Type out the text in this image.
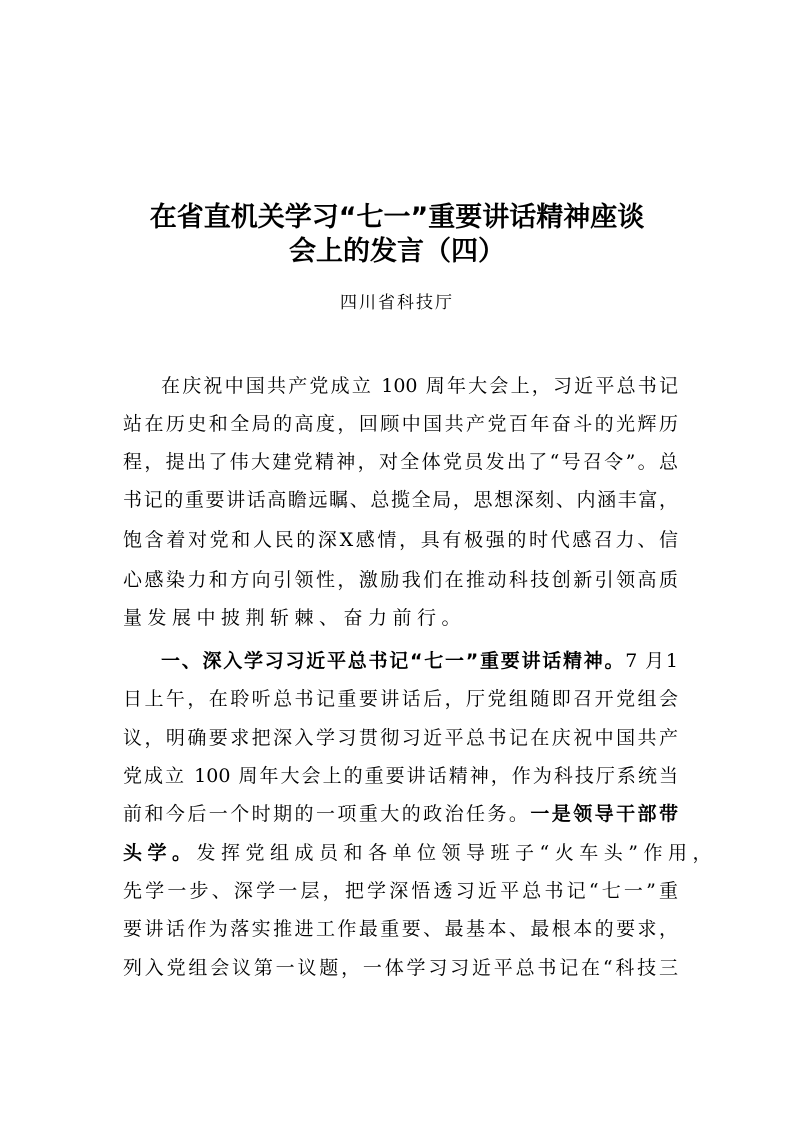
在省直机关学习“七一”重要讲话精神座谈
会上的发言（四）
四川省科技厅
在庆祝中国共产党成立 100 周年大会上，习近平总书记
站在历史和全局的高度，回顾中国共产党百年奋斗的光辉历
程，提出了伟大建党精神，对全体党员发出了“号召令”。总
书记的重要讲话高瞻远瞩、总揽全局，思想深刻、内涵丰富，
饱含着对党和人民的深X感情，具有极强的时代感召力、信
心感染力和方向引领性，激励我们在推动科技创新引领高质
量发展中披荆斩棘、奋力前行。
一、深入学习习近平总书记“七一”重要讲话精神。7 月1
日上午，在聆听总书记重要讲话后，厅党组随即召开党组会
议，明确要求把深入学习贯彻习近平总书记在庆祝中国共产
党成立 100 周年大会上的重要讲话精神，作为科技厅系统当
前和今后一个时期的一项重大的政治任务。一是领导干部带
头学。发挥党组成员和各单位领导班子“火车头”作用，
先学一步、深学一层，把学深悟透习近平总书记“七一”重
要讲话作为落实推进工作最重要、最基本、最根本的要求，
列入党组会议第一议题，一体学习习近平总书记在“科技三
